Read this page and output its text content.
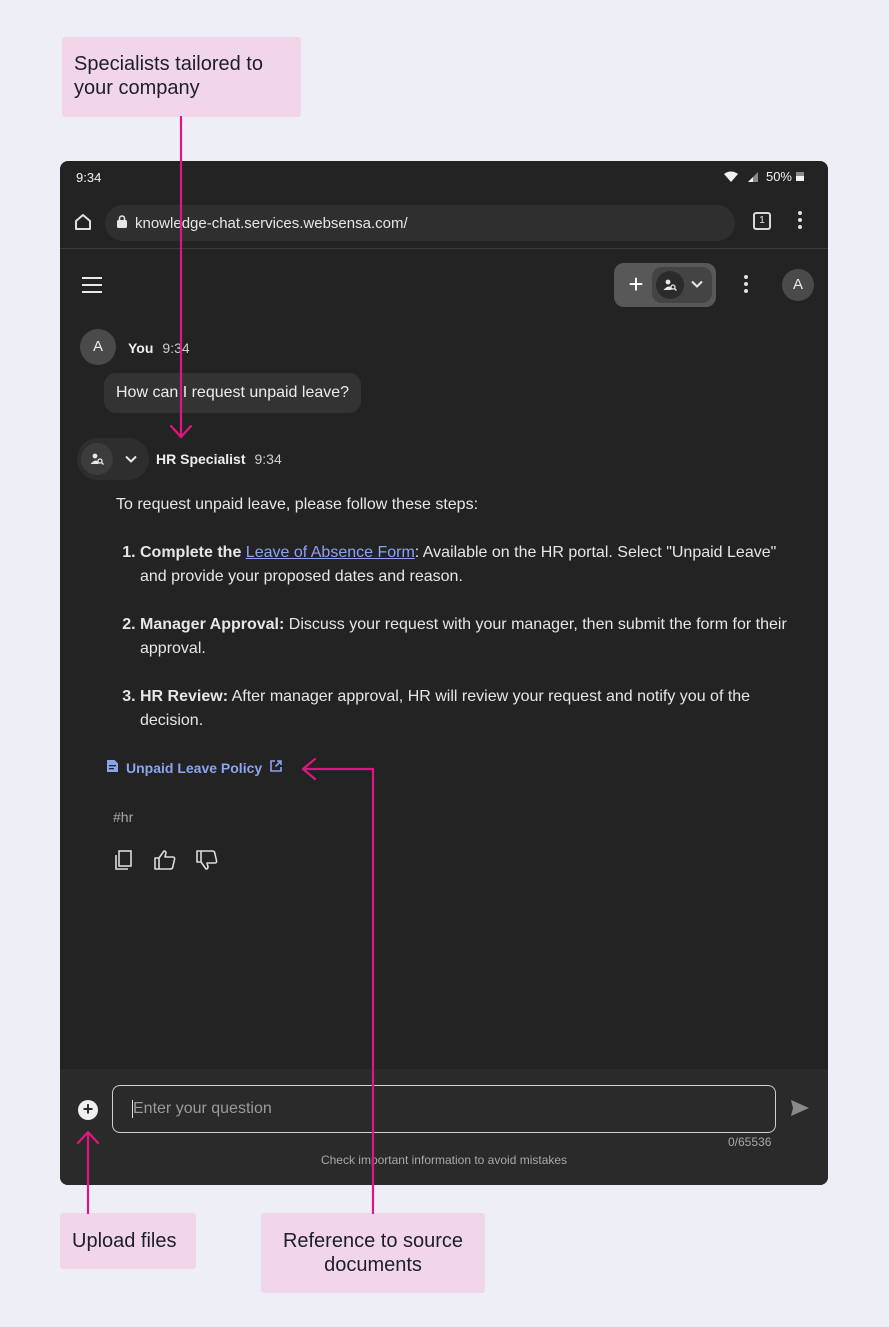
Specialists tailored to your company
Upload files	Reference to source documents
9:34	50%
knowledge-chat.services.websensa.com/	1
+	A
A	You 9:34
How can I request unpaid leave?
HR Specialist 9:34

To request unpaid leave, please follow these steps:

1. Complete the Leave of Absence Form: Available on the HR portal. Select "Unpaid Leave" and provide your proposed dates and reason.
2. Manager Approval: Discuss your request with your manager, then submit the form for their approval.
3. HR Review: After manager approval, HR will review your request and notify you of the decision.
Unpaid Leave Policy
#hr
+
Enter your question
0/65536
Check important information to avoid mistakes
